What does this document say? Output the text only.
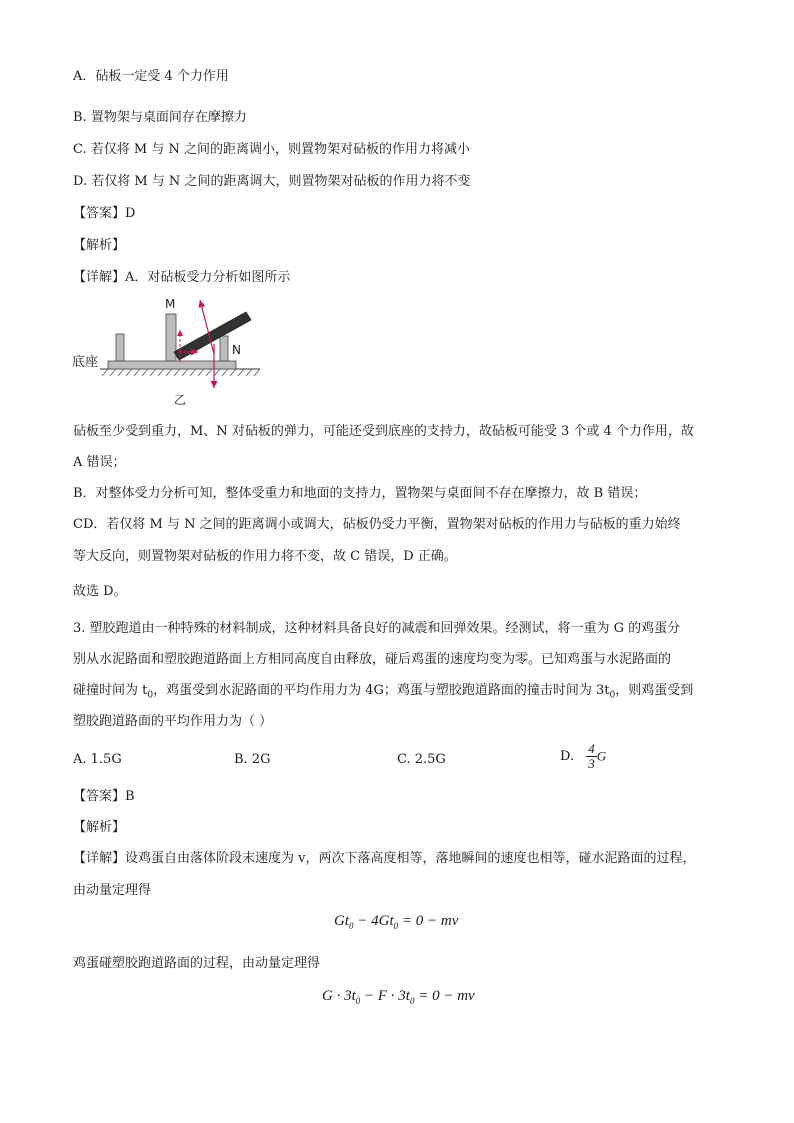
A．砧板一定受 4 个力作用
B. 置物架与桌面间存在摩擦力
C. 若仅将 M 与 N 之间的距离调小，则置物架对砧板的作用力将减小
D. 若仅将 M 与 N 之间的距离调大，则置物架对砧板的作用力将不变
【答案】D
【解析】
【详解】A．对砧板受力分析如图所示
M
N
底座
乙
砧板至少受到重力，M、N 对砧板的弹力，可能还受到底座的支持力，故砧板可能受 3 个或 4 个力作用，故
A 错误；
B．对整体受力分析可知，整体受重力和地面的支持力，置物架与桌面间不存在摩擦力，故 B 错误；
CD．若仅将 M 与 N 之间的距离调小或调大，砧板仍受力平衡，置物架对砧板的作用力与砧板的重力始终
等大反向，则置物架对砧板的作用力将不变，故 C 错误，D 正确。
故选 D。
3. 塑胶跑道由一种特殊的材料制成，这种材料具备良好的减震和回弹效果。经测试，将一重为 G 的鸡蛋分
别从水泥路面和塑胶跑道路面上方相同高度自由释放，碰后鸡蛋的速度均变为零。已知鸡蛋与水泥路面的
碰撞时间为 $t_0$，鸡蛋受到水泥路面的平均作用力为 4G；鸡蛋与塑胶跑道路面的撞击时间为 $3t_0$，则鸡蛋受到
塑胶跑道路面的平均作用力为（ ）
A. 1.5G	B. 2G	C. 2.5G	D. $\frac{4}{3}$ G
【答案】B
【解析】
【详解】设鸡蛋自由落体阶段末速度为 v，两次下落高度相等，落地瞬间的速度也相等，碰水泥路面的过程，
由动量定理得
$Gt_0 - 4Gt_0 = 0$ − mv
鸡蛋碰塑胶跑道路面的过程，由动量定理得
$G \cdot 3t_0 - F \cdot 3t_0 = 0$ − mv
